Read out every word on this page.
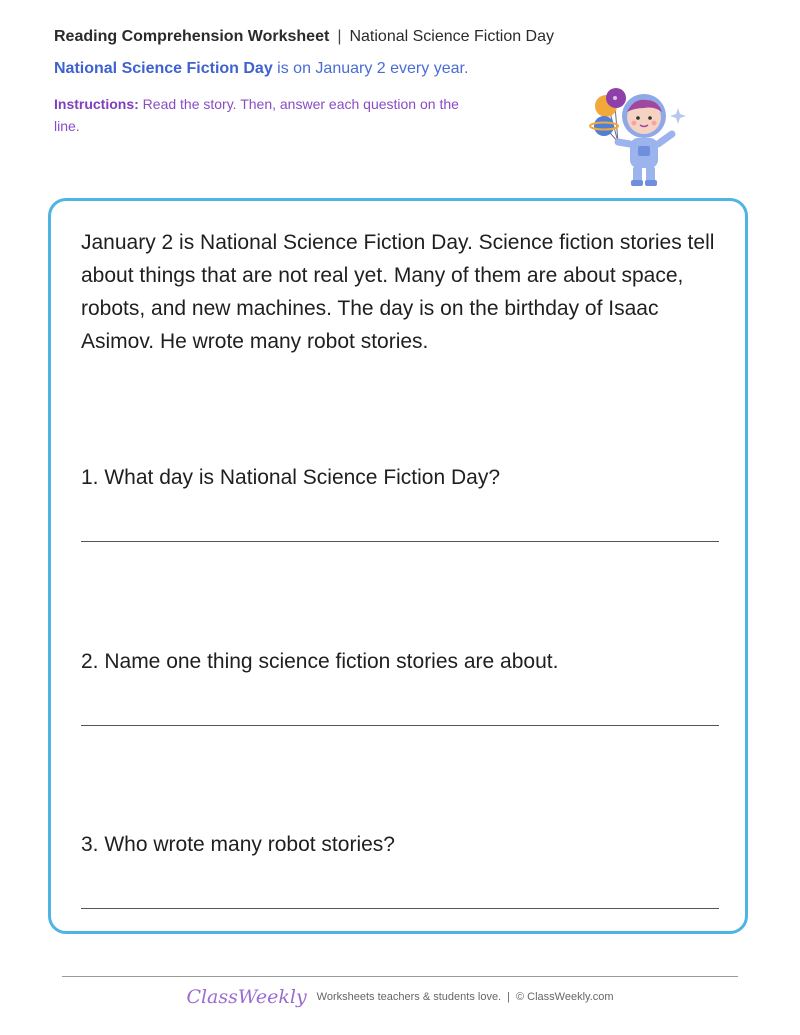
Reading Comprehension Worksheet | National Science Fiction Day
National Science Fiction Day is on January 2 every year.
Instructions: Read the story. Then, answer each question on the line.
January 2 is National Science Fiction Day. Science fiction stories tell about things that are not real yet. Many of them are about space, robots, and new machines. The day is on the birthday of Isaac Asimov. He wrote many robot stories.
1. What day is National Science Fiction Day?
2. Name one thing science fiction stories are about.
3. Who wrote many robot stories?
ClassWeekly Worksheets teachers & students love. | © ClassWeekly.com
